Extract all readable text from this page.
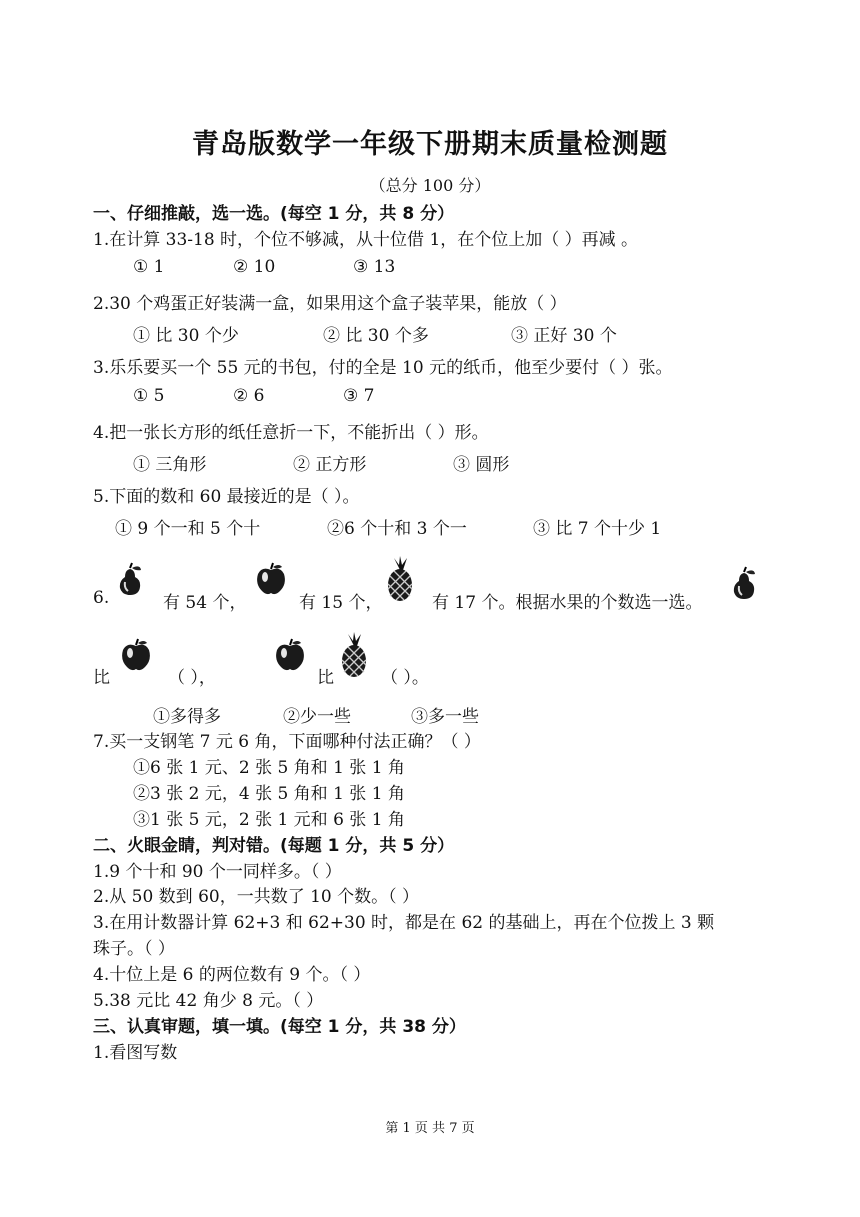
青岛版数学一年级下册期末质量检测题
（总分 100 分）
一、仔细推敲，选一选。(每空 1 分，共 8 分）
1.在计算 33-18 时，个位不够减，从十位借 1，在个位上加（ ）再减 。
① 1	② 10	③ 13
2.30 个鸡蛋正好装满一盒，如果用这个盒子装苹果，能放（ ）
① 比 30 个少	② 比 30 个多	③ 正好 30 个
3.乐乐要买一个 55 元的书包，付的全是 10 元的纸币，他至少要付（ ）张。
① 5	② 6	③ 7
4.把一张长方形的纸任意折一下，不能折出（ ）形。
① 三角形	② 正方形	③ 圆形
5.下面的数和 60 最接近的是（ ）。
① 9 个一和 5 个十	②6 个十和 3 个一	③ 比 7 个十少 1
6.	有 54 个，	有 15 个，	有 17 个。根据水果的个数选一选。
比	（ ），	比	（ ）。
①多得多	②少一些	③多一些
7.买一支钢笔 7 元 6 角，下面哪种付法正确？（ ）
①6 张 1 元、2 张 5 角和 1 张 1 角
②3 张 2 元，4 张 5 角和 1 张 1 角
③1 张 5 元，2 张 1 元和 6 张 1 角
二、火眼金睛，判对错。(每题 1 分，共 5 分）
1.9 个十和 90 个一同样多。（ ）
2.从 50 数到 60，一共数了 10 个数。（ ）
3.在用计数器计算 62+3 和 62+30 时，都是在 62 的基础上，再在个位拨上 3 颗
珠子。（ ）
4.十位上是 6 的两位数有 9 个。（ ）
5.38 元比 42 角少 8 元。（ ）
三、认真审题，填一填。(每空 1 分，共 38 分）
1.看图写数
第 1 页 共 7 页
